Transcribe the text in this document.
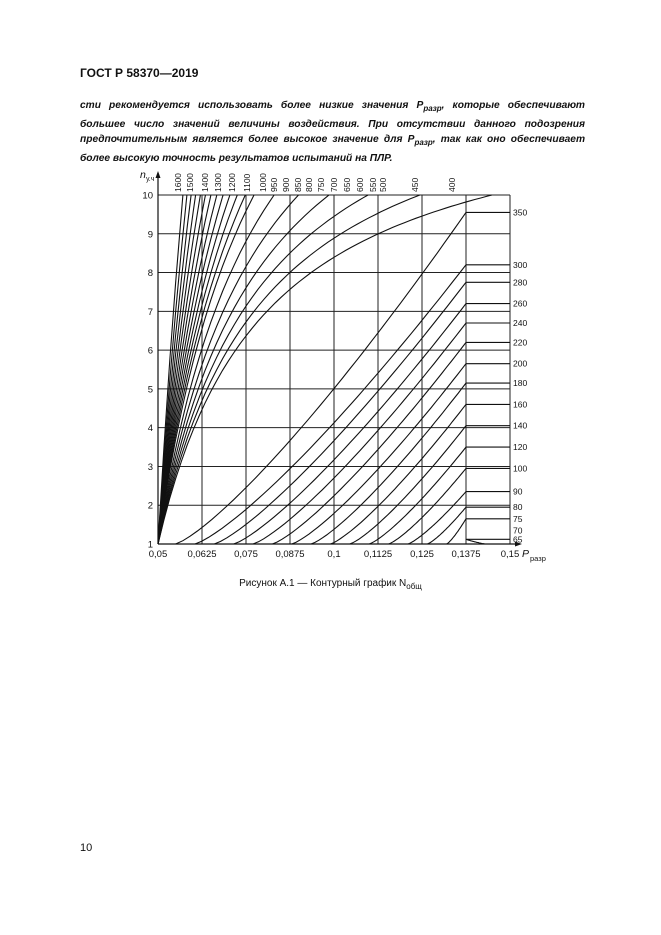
ГОСТ Р 58370—2019
сти рекомендуется использовать более низкие значения $P_{разр}$, которые обеспечивают большее число значений величины воздействия. При отсутствии данного подозрения предпочтительным является более высокое значение для $P_{разр}$, так как оно обеспечивает более высокую точность результатов испытаний на ПЛР.
0,05 0,0625 0,075 0,0875 0,1 0,1125 0,125 0,1375 0,15
1
2
3
4
5
6
7
8
9
10
P разр
n у.ч 1600 1500 1400 1300 1200 1100 1000 950 900 850 800 750 700 650 600 550 500	450	400
350
300
280
260
240
220
200
180
160
140
120
100
90
80
75
70
65
Рисунок А.1 — Контурный график $N_{общ}$
10
